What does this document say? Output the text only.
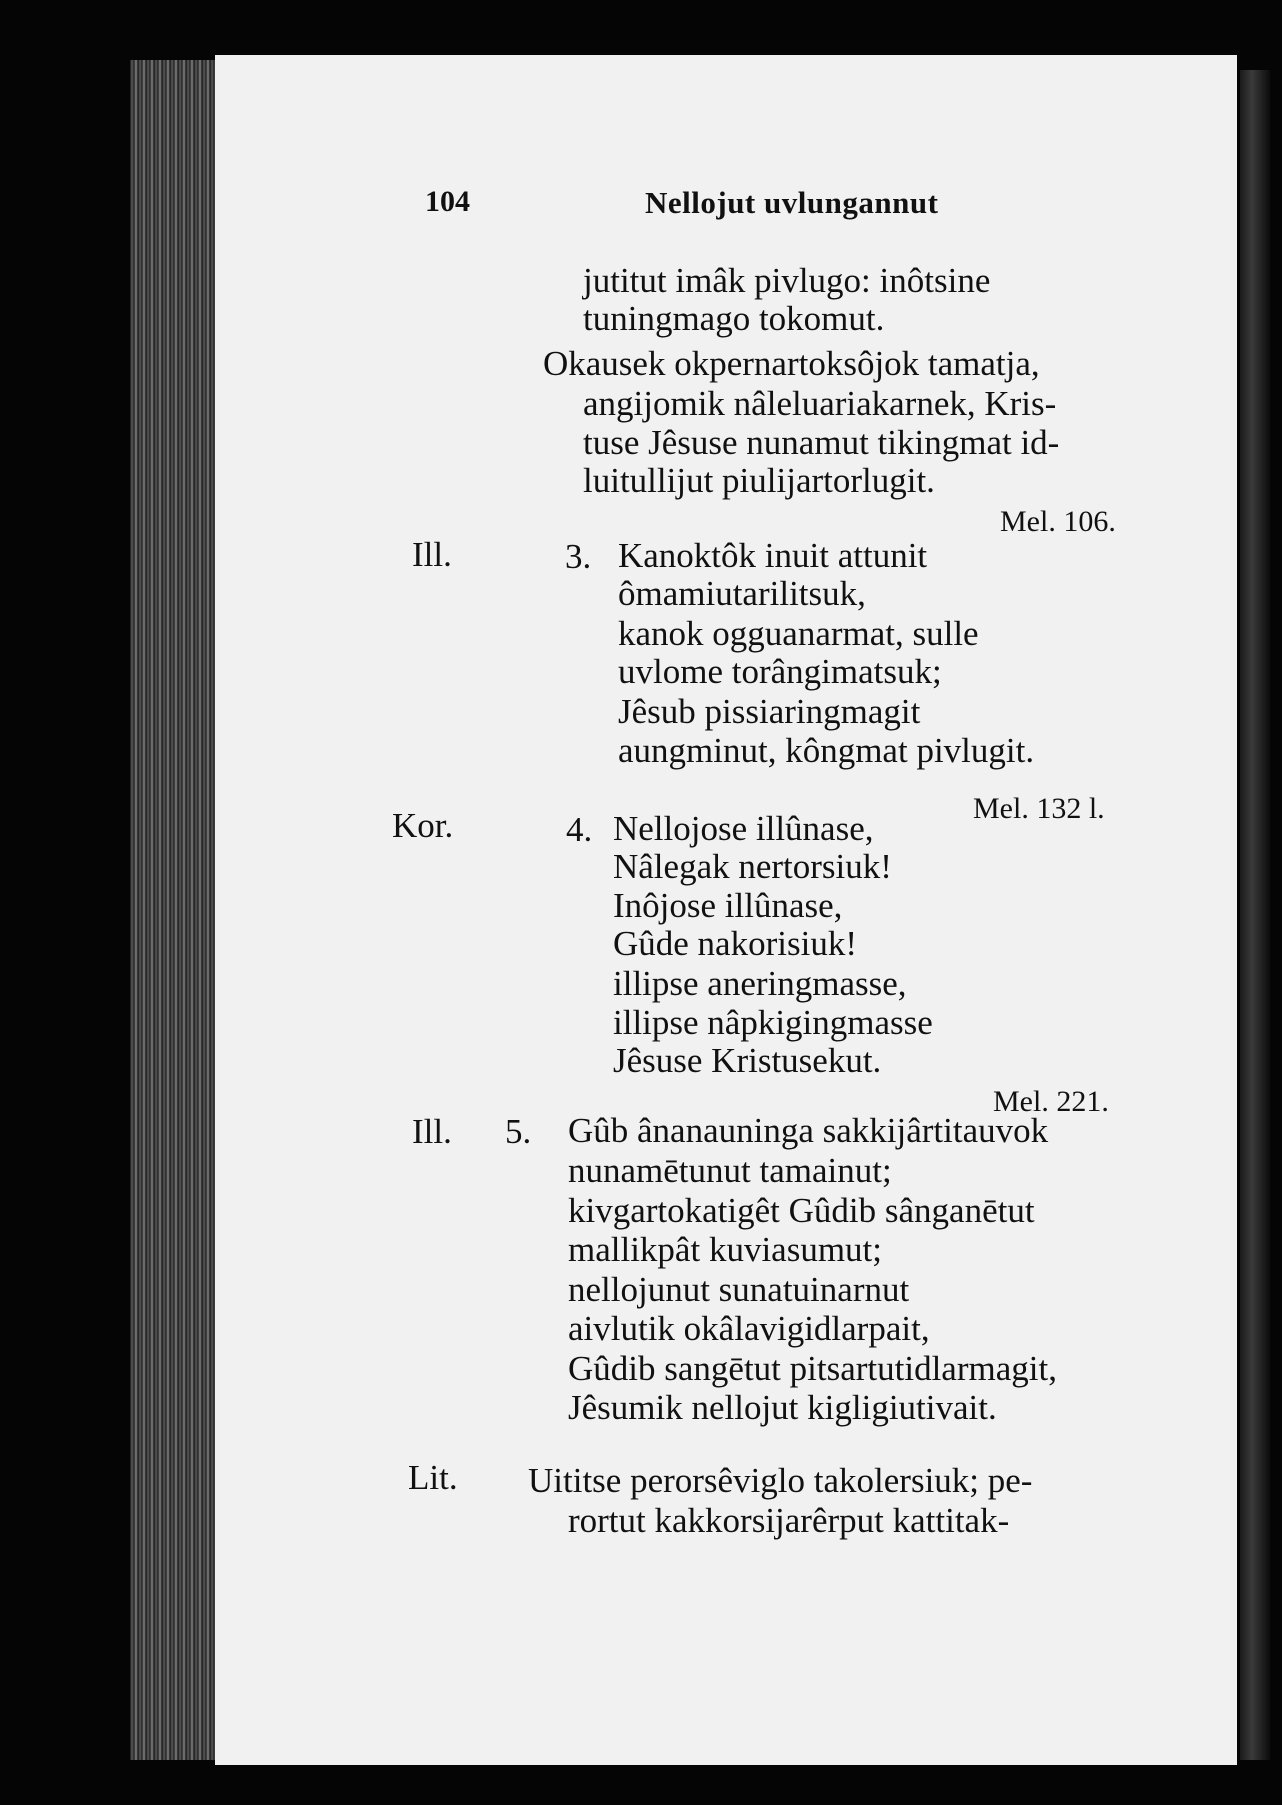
104	Nellojut uvlungannut
jutitut imâk pivlugo: inôtsine
tuningmago tokomut.
Okausek okpernartoksôjok tamatja,
angijomik nâleluariakarnek, Kris-
tuse Jêsuse nunamut tikingmat id-
luitullijut piulijartorlugit.
Mel. 106.
Ill.	3. Kanoktôk inuit attunit
ômamiutarilitsuk,
kanok ogguanarmat, sulle
uvlome torângimatsuk;
Jêsub pissiaringmagit
aungminut, kôngmat pivlugit.
Mel. 132 l.
Kor.	4. Nellojose illûnase,
Nâlegak nertorsiuk!
Inôjose illûnase,
Gûde nakorisiuk!
illipse aneringmasse,
illipse nâpkigingmasse
Jêsuse Kristusekut.
Mel. 221.
Ill. 5. Gûb ânanauninga sakkijârtitauvok
nunamētunut tamainut;
kivgartokatigêt Gûdib sânganētut
mallikpât kuviasumut;
nellojunut sunatuinarnut
aivlutik okâlavigidlarpait,
Gûdib sangētut pitsartutidlarmagit,
Jêsumik nellojut kigligiutivait.
Lit. Uititse perorsêviglo takolersiuk; pe-
rortut kakkorsijarêrput kattitak-
